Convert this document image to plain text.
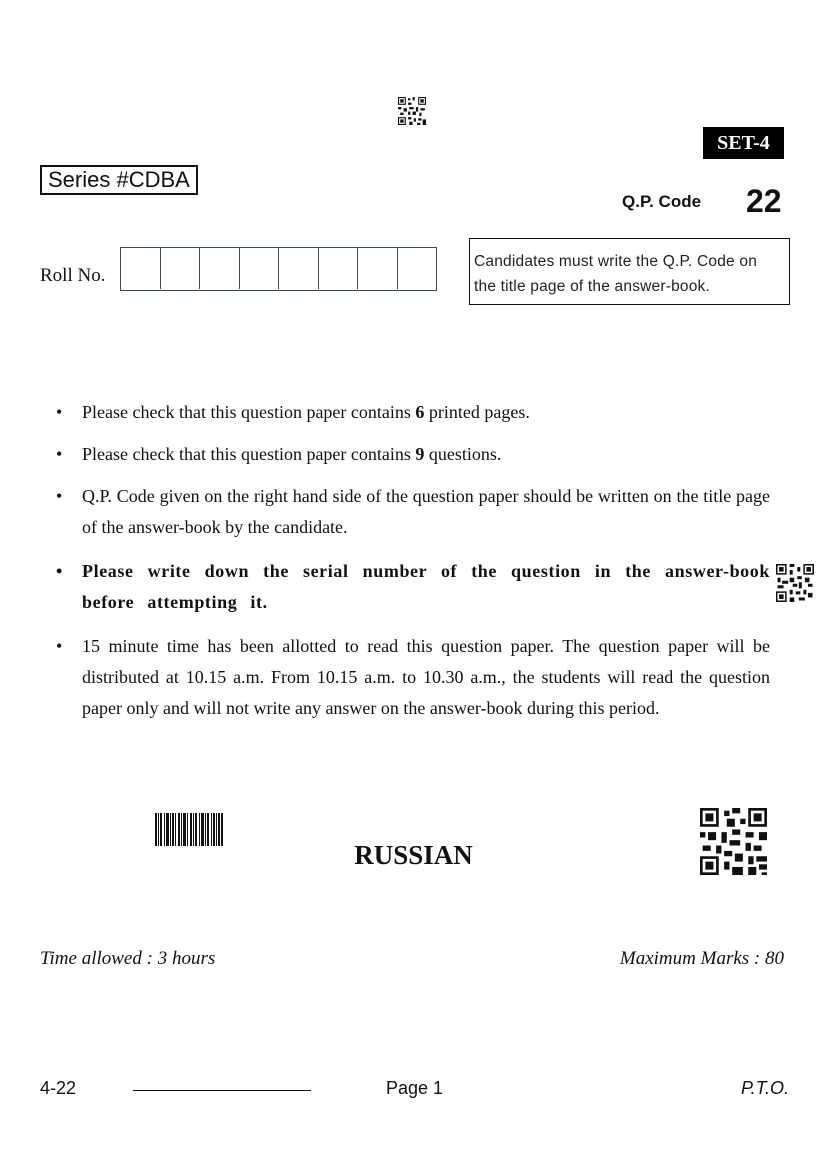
SET-4
Series #CDBA
Q.P. Code 22
Roll No.
Candidates must write the Q.P. Code on
the title page of the answer-book.
• Please check that this question paper contains 6 printed pages.
• Please check that this question paper contains 9 questions.
• Q.P. Code given on the right hand side of the question paper should be written on the title page of the answer-book by the candidate.
• Please write down the serial number of the question in the answer-book before attempting it.
• 15 minute time has been allotted to read this question paper. The question paper will be distributed at 10.15 a.m. From 10.15 a.m. to 10.30 a.m., the students will read the question paper only and will not write any answer on the answer-book during this period.
RUSSIAN
Time allowed : 3 hours	Maximum Marks : 80
4-22	Page 1	P.T.O.
